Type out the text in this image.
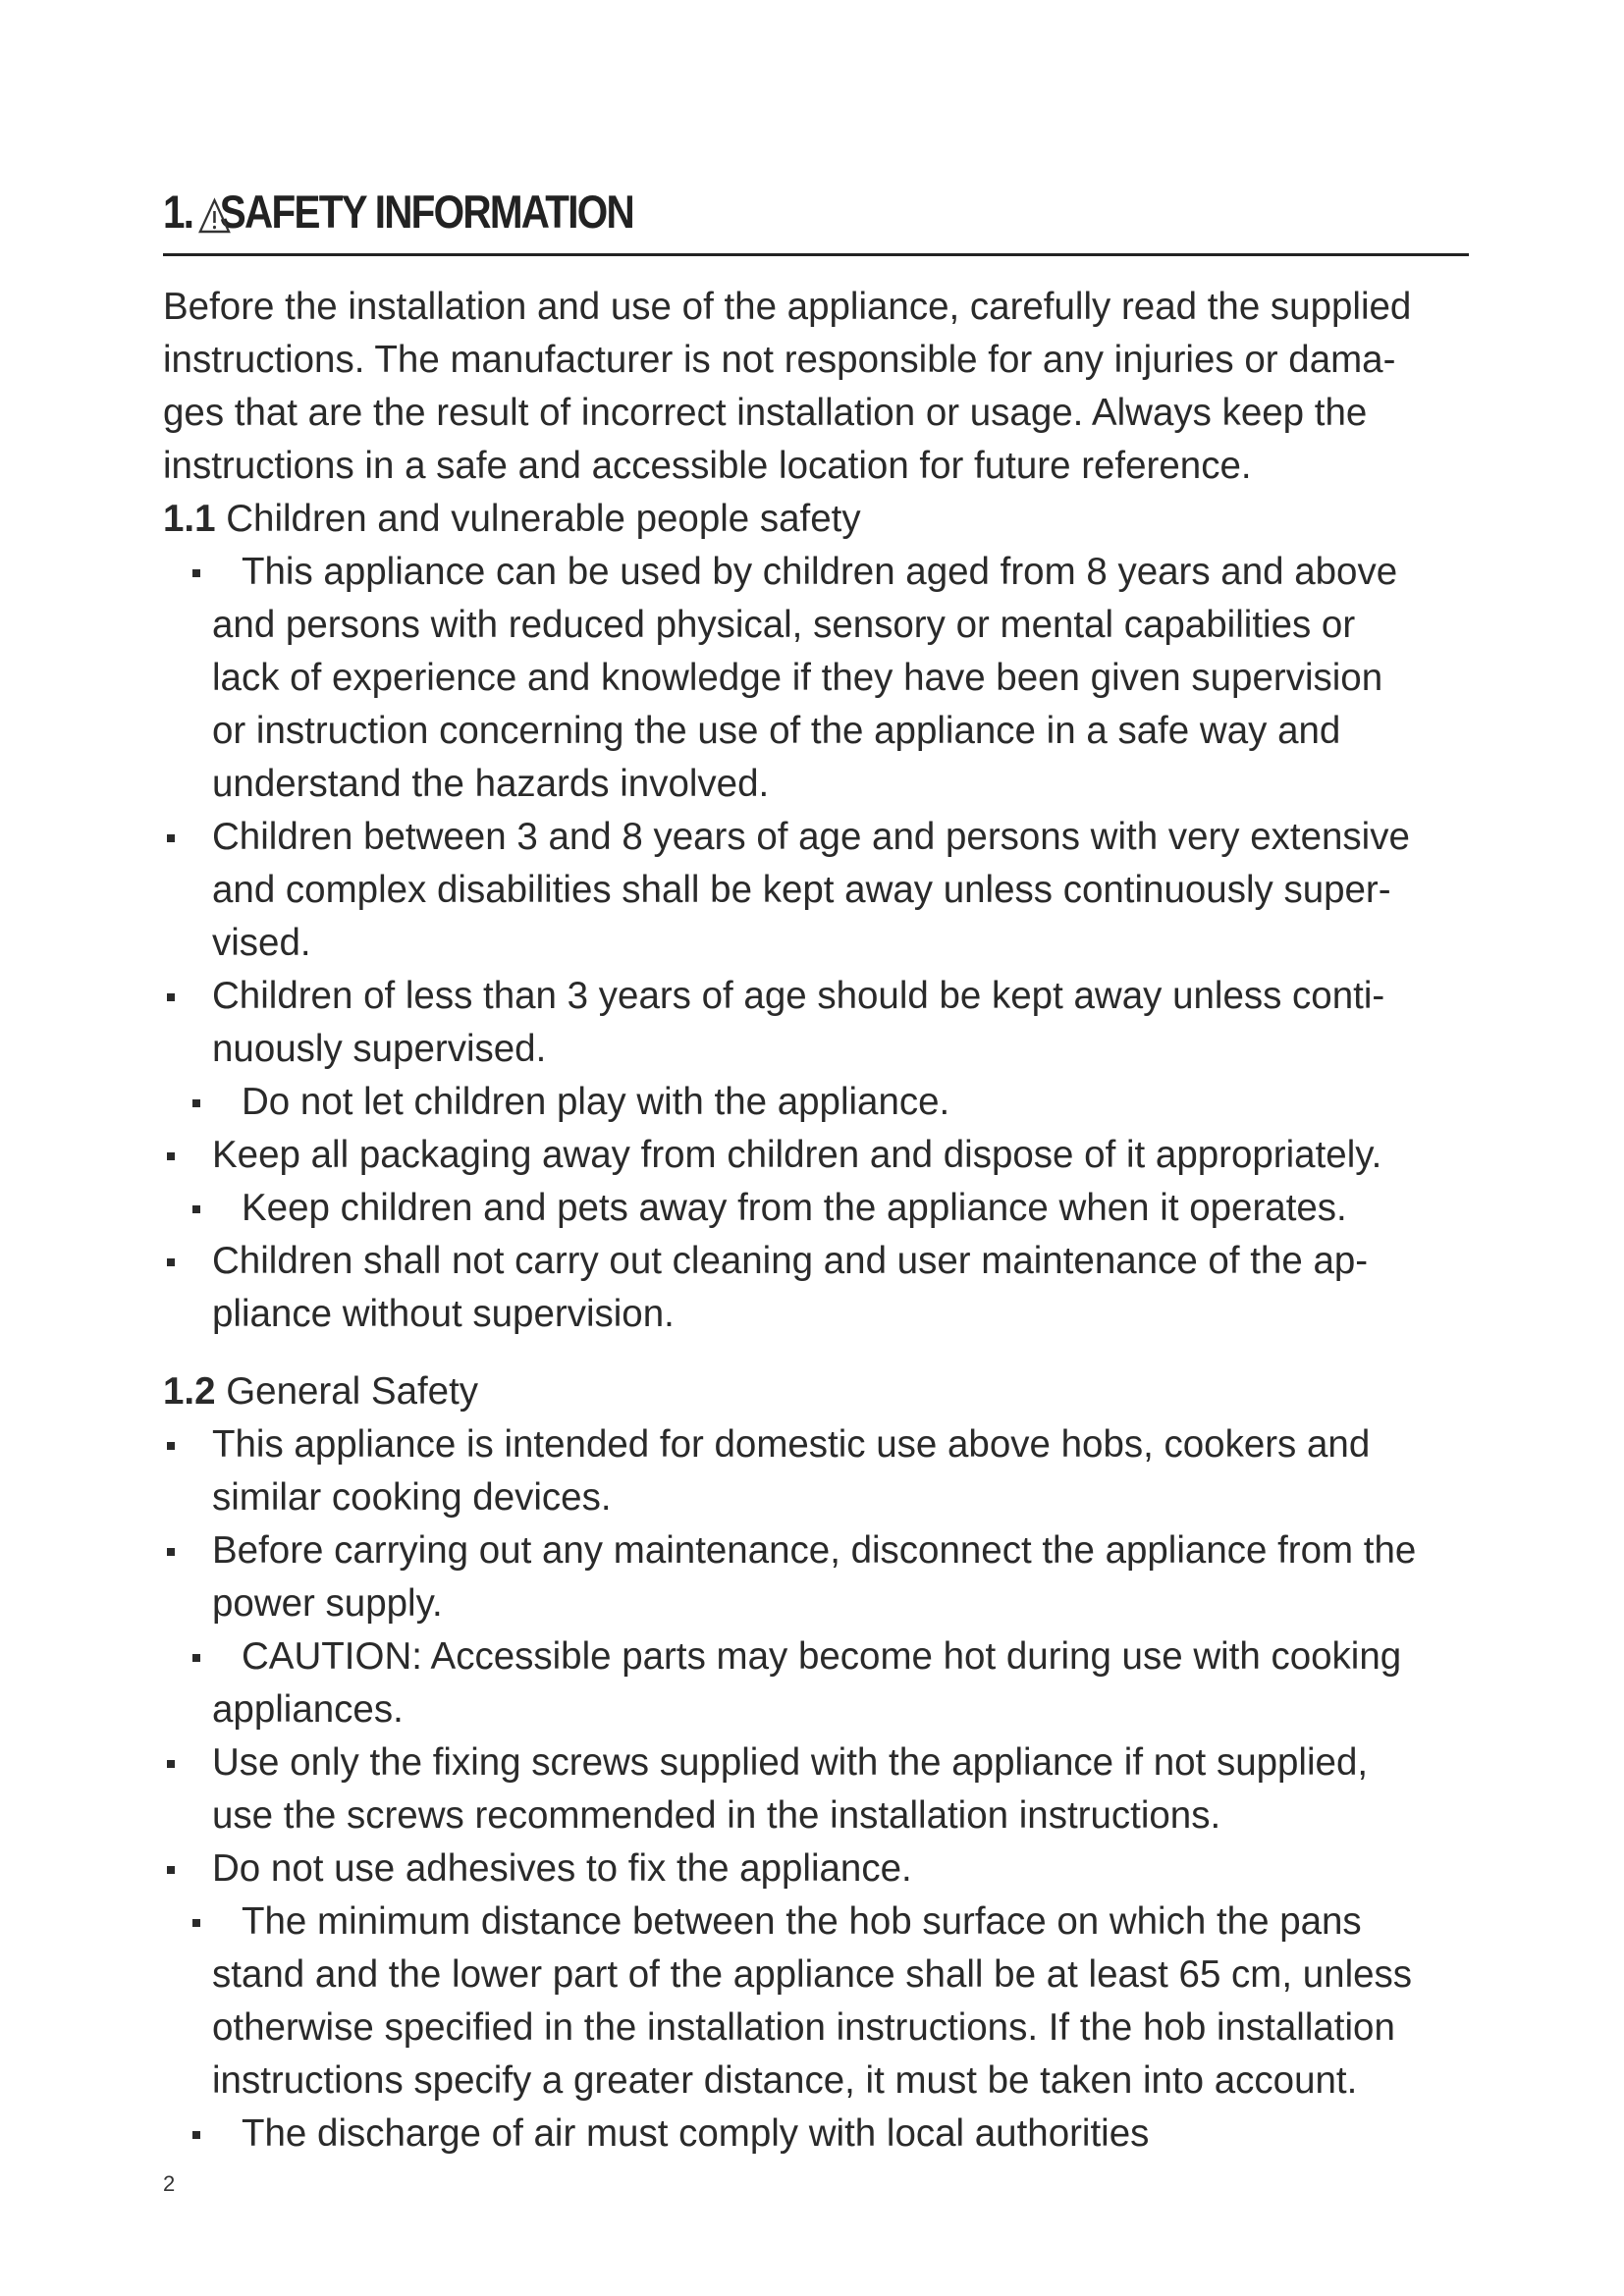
1. SAFETY INFORMATION
Before the installation and use of the appliance, carefully read the supplied
instructions. The manufacturer is not responsible for any injuries or dama-
ges that are the result of incorrect installation or usage. Always keep the
instructions in a safe and accessible location for future reference.
1.1 Children and vulnerable people safety
This appliance can be used by children aged from 8 years and above
and persons with reduced physical, sensory or mental capabilities or
lack of experience and knowledge if they have been given supervision
or instruction concerning the use of the appliance in a safe way and
understand the hazards involved.
Children between 3 and 8 years of age and persons with very extensive
and complex disabilities shall be kept away unless continuously super-
vised.
Children of less than 3 years of age should be kept away unless conti-
nuously supervised.
Do not let children play with the appliance.
Keep all packaging away from children and dispose of it appropriately.
Keep children and pets away from the appliance when it operates.
Children shall not carry out cleaning and user maintenance of the ap-
pliance without supervision.
1.2 General Safety
This appliance is intended for domestic use above hobs, cookers and
similar cooking devices.
Before carrying out any maintenance, disconnect the appliance from the
power supply.
CAUTION: Accessible parts may become hot during use with cooking
appliances.
Use only the fixing screws supplied with the appliance if not supplied,
use the screws recommended in the installation instructions.
Do not use adhesives to fix the appliance.
The minimum distance between the hob surface on which the pans
stand and the lower part of the appliance shall be at least 65 cm, unless
otherwise specified in the installation instructions. If the hob installation
instructions specify a greater distance, it must be taken into account.
The discharge of air must comply with local authorities
2
